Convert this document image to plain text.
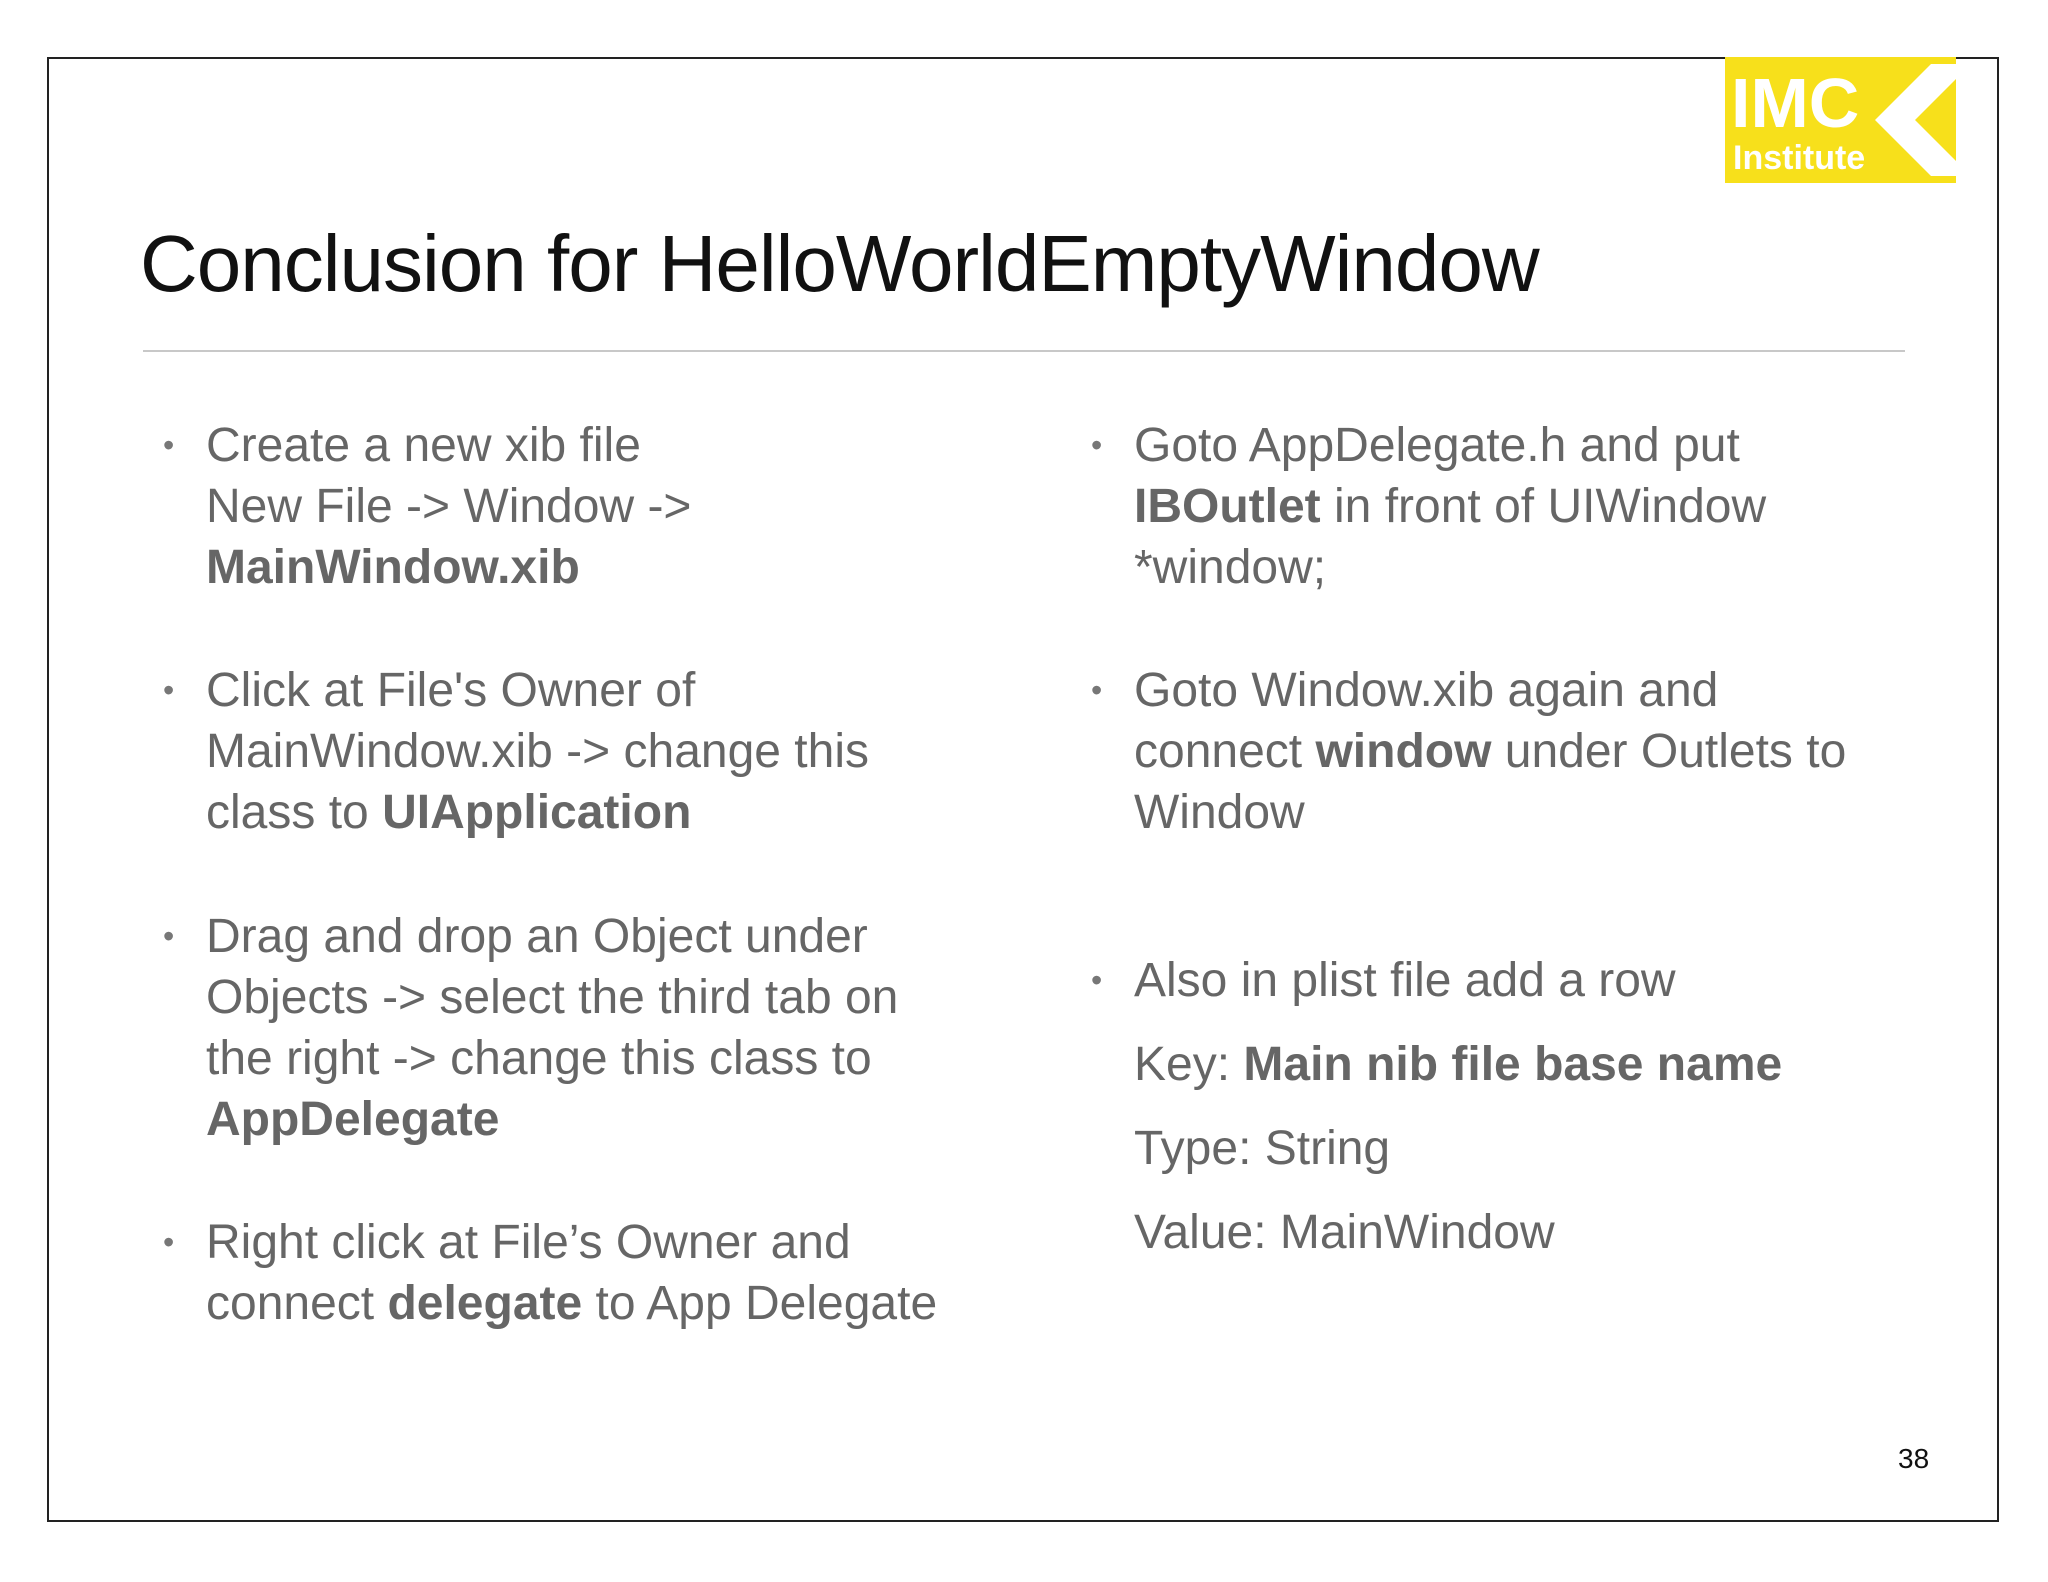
IMC
Institute
Conclusion for HelloWorldEmptyWindow
• Create a new xib file

New File -> Window ->

MainWindow.xib

• Click at File's Owner of

MainWindow.xib -> change this

class to UIApplication

• Drag and drop an Object under

Objects -> select the third tab on

the right -> change this class to

AppDelegate

• Right click at File’s Owner and

connect delegate to App Delegate

• Goto AppDelegate.h and put

IBOutlet in front of UIWindow

*window;

• Goto Window.xib again and

connect window under Outlets to

Window

• Also in plist file add a row

Key: Main nib file base name
Type: String
Value: MainWindow
38
